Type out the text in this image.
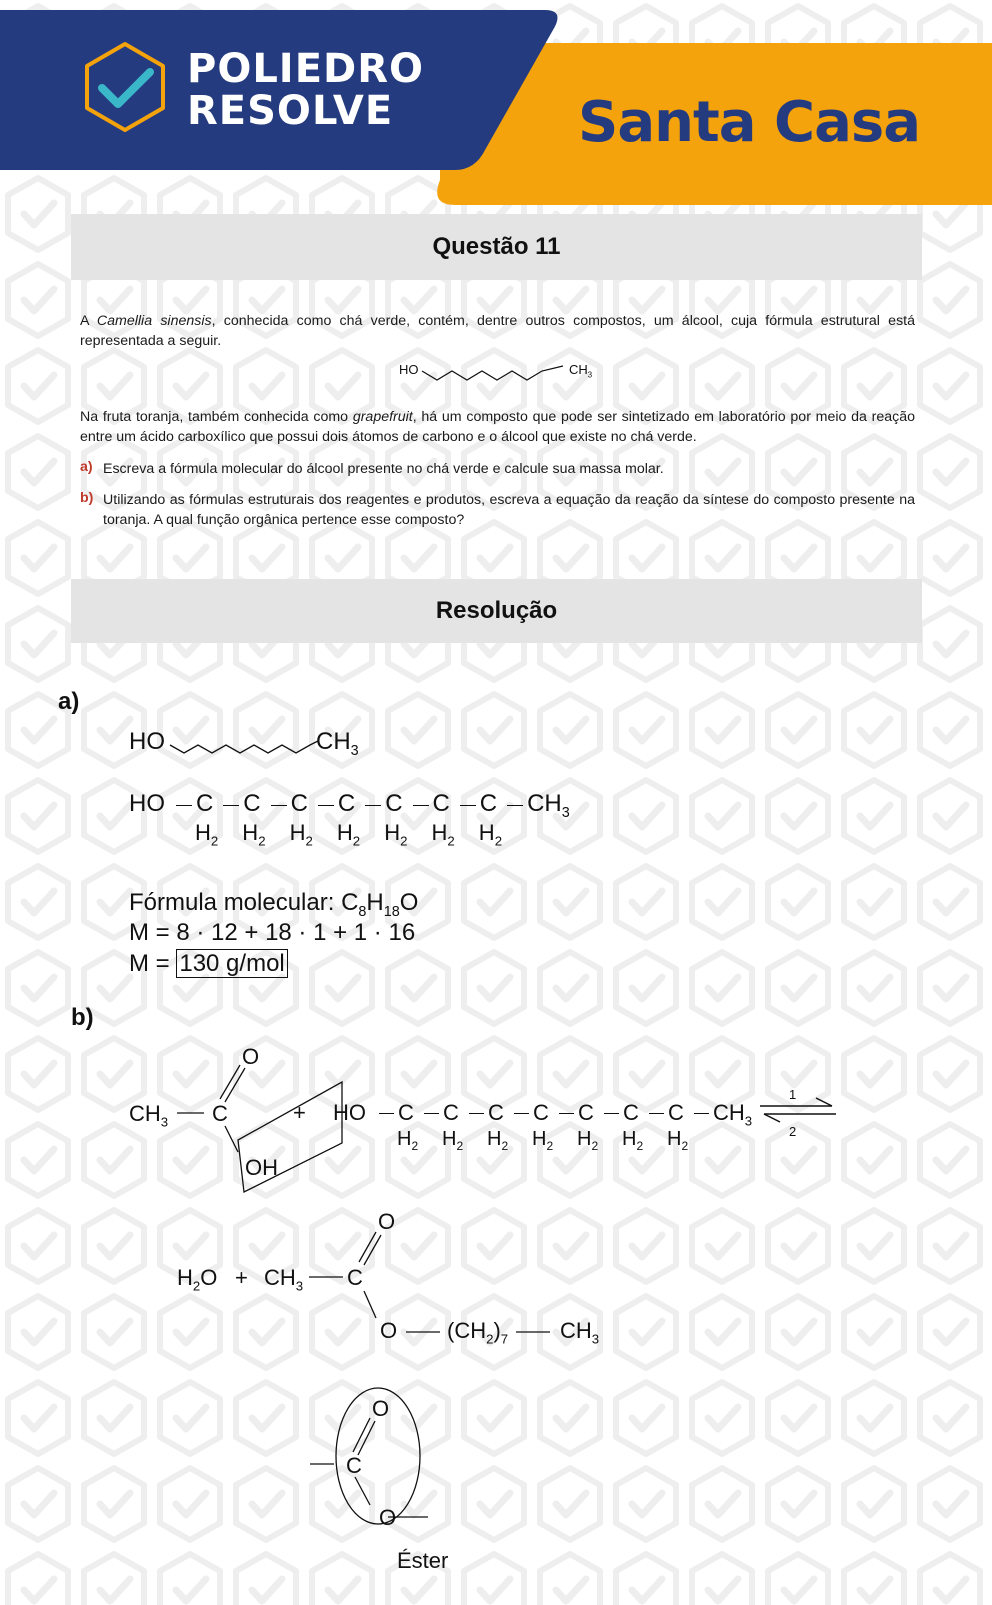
POLIEDRO
RESOLVE	Santa Casa
Questão 11
A Camellia sinensis, conhecida como chá verde, contém, dentre outros compostos, um álcool, cuja fórmula estrutural está representada a seguir.
HO	$CH_3$
Na fruta toranja, também conhecida como grapefruit, há um composto que pode ser sintetizado em laboratório por meio da reação entre um ácido carboxílico que possui dois átomos de carbono e o álcool que existe no chá verde.
a) Escreva a fórmula molecular do álcool presente no chá verde e calcule sua massa molar.
b) Utilizando as fórmulas estruturais dos reagentes e produtos, escreva a equação da reação da síntese do composto presente na toranja. A qual função orgânica pertence esse composto?
Resolução
a)
HO	$CH_3$
HO C
$H_2$
C
$H_2$
C
$H_2$
C
$H_2$
C
$H_2$
C
$H_2$
C
$H_2$
$CH_3$
Fórmula molecular: $C_8H_{18}O$
M = 8 · 12 + 18 · 1 + 1 · 16
M = 130 g/mol
b)
$CH_3$ C
O
OH
+ HO C
$H_2$
C
$H_2$
C
$H_2$
C
$H_2$
C
$H_2$
C
$H_2$
C
$H_2$
$CH_3$
1
2
$H_2O + CH_3$ C
O
O $(CH_2)_7$ $CH_3$
O
C
O
Éster
